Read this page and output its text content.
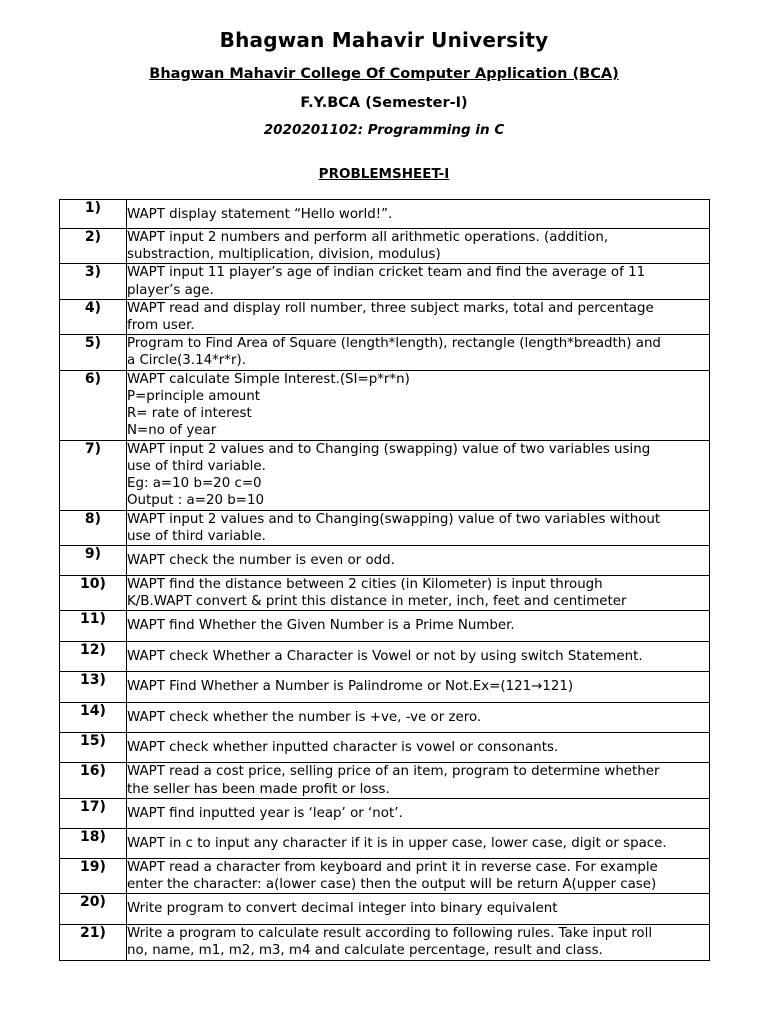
Bhagwan Mahavir University
Bhagwan Mahavir College Of Computer Application (BCA)
F.Y.BCA (Semester-I)
2020201102: Programming in C
PROBLEMSHEET-I
1)	WAPT display statement “Hello world!”.

2)	WAPT input 2 numbers and perform all arithmetic operations. (addition,
substraction, multiplication, division, modulus)

3)	WAPT input 11 player’s age of indian cricket team and find the average of 11
player’s age.

4)	WAPT read and display roll number, three subject marks, total and percentage
from user.

5)	Program to Find Area of Square (length*length), rectangle (length*breadth) and
a Circle(3.14*r*r).

6)	WAPT calculate Simple Interest.(SI=p*r*n)
P=principle amount
R= rate of interest
N=no of year

7)	WAPT input 2 values and to Changing (swapping) value of two variables using
use of third variable.
Eg: a=10 b=20 c=0
Output : a=20 b=10

8)	WAPT input 2 values and to Changing(swapping) value of two variables without
use of third variable.

9)	WAPT check the number is even or odd.

10)	WAPT find the distance between 2 cities (in Kilometer) is input through
K/B.WAPT convert & print this distance in meter, inch, feet and centimeter

11)	WAPT find Whether the Given Number is a Prime Number.

12)	WAPT check Whether a Character is Vowel or not by using switch Statement.

13)	WAPT Find Whether a Number is Palindrome or Not.Ex=(121→121)

14)	WAPT check whether the number is +ve, -ve or zero.

15)	WAPT check whether inputted character is vowel or consonants.

16)	WAPT read a cost price, selling price of an item, program to determine whether
the seller has been made profit or loss.

17)	WAPT find inputted year is ‘leap’ or ‘not’.

18)	WAPT in c to input any character if it is in upper case, lower case, digit or space.

19)	WAPT read a character from keyboard and print it in reverse case. For example
enter the character: a(lower case) then the output will be return A(upper case)

20)	Write program to convert decimal integer into binary equivalent

21)	Write a program to calculate result according to following rules. Take input roll
no, name, m1, m2, m3, m4 and calculate percentage, result and class.
